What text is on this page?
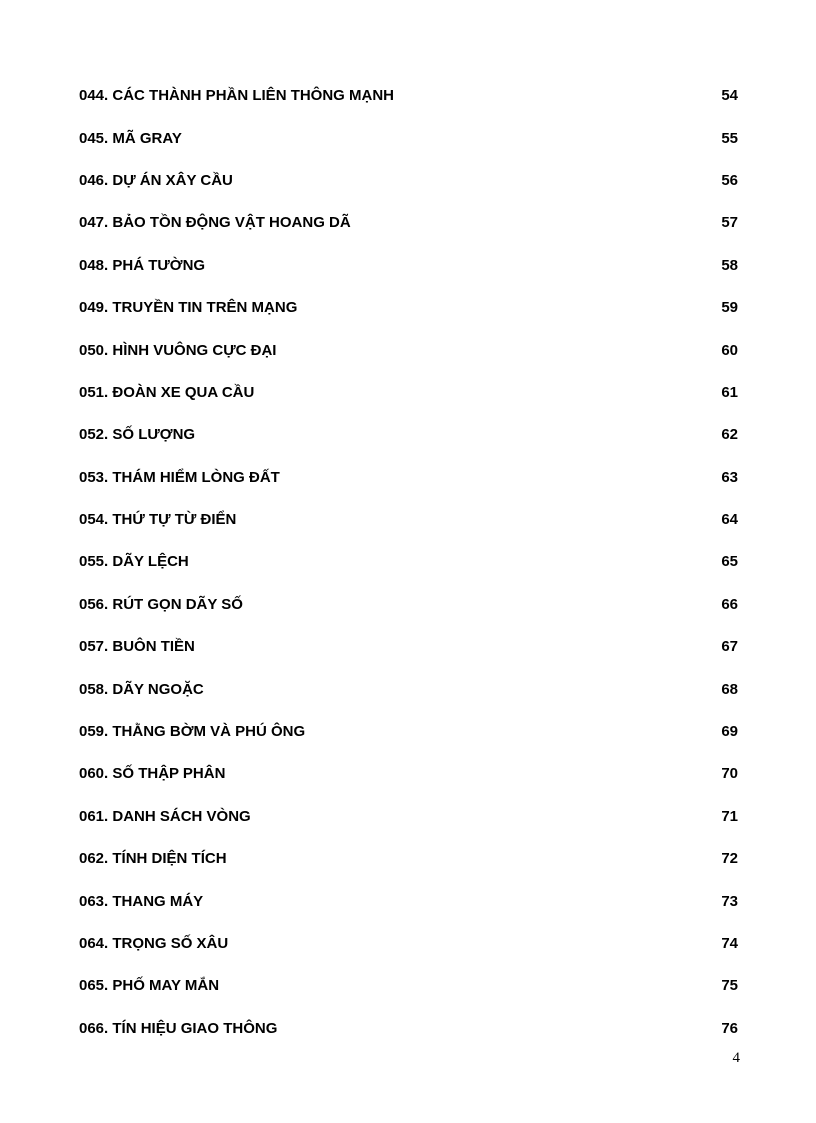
044. CÁC THÀNH PHẦN LIÊN THÔNG MẠNH	54
045. MÃ GRAY	55
046. DỰ ÁN XÂY CẦU	56
047. BẢO TỒN ĐỘNG VẬT HOANG DÃ	57
048. PHÁ TƯỜNG	58
049. TRUYỀN TIN TRÊN MẠNG	59
050. HÌNH VUÔNG CỰC ĐẠI	60
051. ĐOÀN XE QUA CẦU	61
052. SỐ LƯỢNG	62
053. THÁM HIỂM LÒNG ĐẤT	63
054. THỨ TỰ TỪ ĐIỂN	64
055. DÃY LỆCH	65
056. RÚT GỌN DÃY SỐ	66
057. BUÔN TIỀN	67
058. DÃY NGOẶC	68
059. THẰNG BỜM VÀ PHÚ ÔNG	69
060. SỐ THẬP PHÂN	70
061. DANH SÁCH VÒNG	71
062. TÍNH DIỆN TÍCH	72
063. THANG MÁY	73
064. TRỌNG SỐ XÂU	74
065. PHỐ MAY MẮN	75
066. TÍN HIỆU GIAO THÔNG	76
4
